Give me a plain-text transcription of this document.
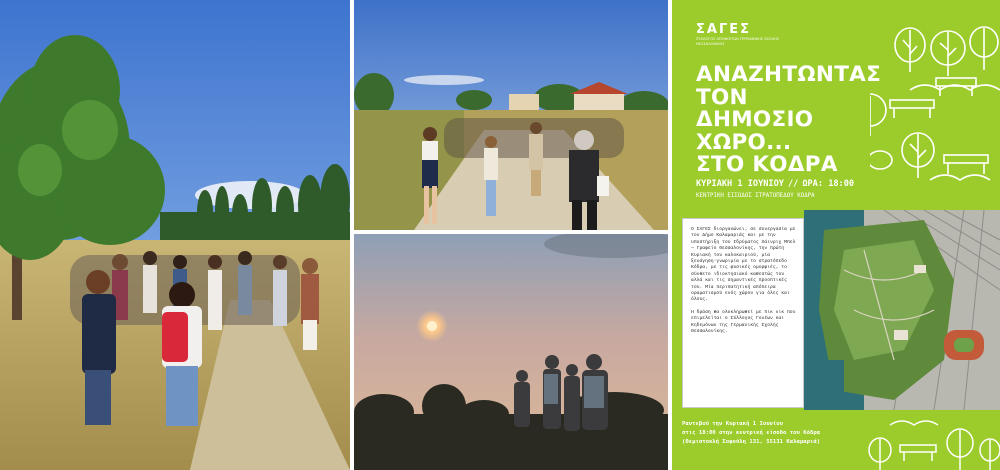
ΣΑΓΕΣ
ΣΥΛΛΟΓΟΣ ΑΠΟΦΟΙΤΩΝ ΓΕΡΜΑΝΙΚΗΣ ΣΧΟΛΗΣ ΘΕΣΣΑΛΟΝΙΚΗΣ
ΑΝΑΖΗΤΩΝΤΑΣ
ΤΟΝ
ΔΗΜΟΣΙΟ ΧΩΡΟ...
ΣΤΟ ΚΟΔΡΑ
ΚΥΡΙΑΚΗ 1 ΙΟΥΝΙΟΥ // ΩΡΑ: 18:00
ΚΕΝΤΡΙΚΗ ΕΙΣΟΔΟΣ ΣΤΡΑΤΟΠΕΔΟΥ ΚΟΔΡΑ

Ο ΣΑΓΕΣ διοργανώνει, σε συνεργασία με τον Δήμο Καλαμαριάς και με την υποστήριξη του Ιδρύματος Χάινριχ Μπελ – Γραφείο Θεσσαλονίκης, την πρώτη Κυριακή του καλοκαιριού, μία ξενάγηση-γνωριμία με το στρατόπεδο Κόδρα, με τις φυσικές ομορφιές, το σύνθετο ιδιοκτησιακό καθεστώς του αλλά και τις σημαντικές προοπτικές του. Μία περιπατητική απόπειρα οραματισμού ενός χώρου για όλες και όλους.

Η δράση θα ολοκληρωθεί με πικ νικ που επιμελείται ο Σύλλογος Γονέων και Κηδεμόνων της Γερμανικής Σχολής Θεσσαλονίκης.

Ραντεβού την Κυριακή 1 Ιουνίου
στις 18:00 στην κεντρική είσοδο του Κόδρα
(Θεμιστοκλή Σοφούλη 131, 55131 Καλαμαριά)
